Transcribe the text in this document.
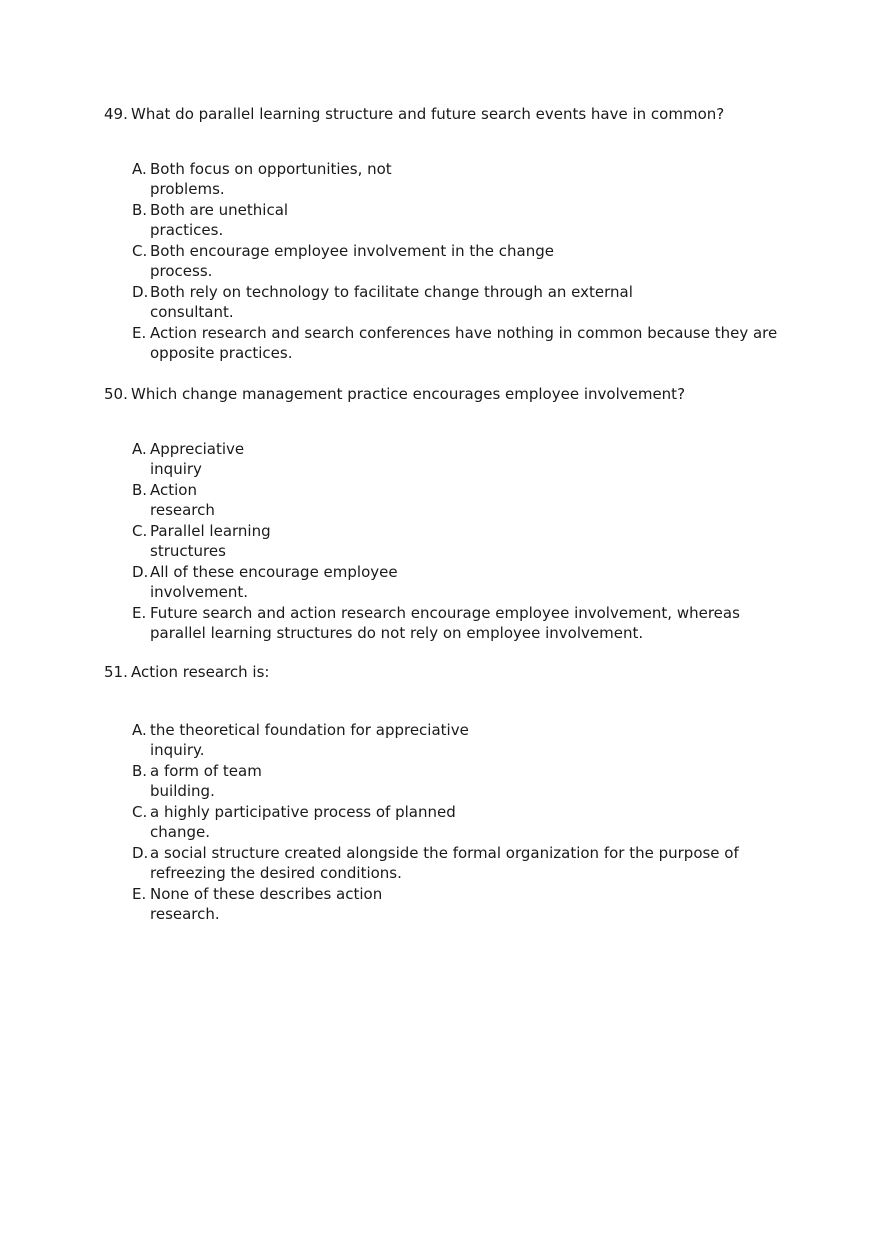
49. What do parallel learning structure and future search events have in common?
A. Both focus on opportunities, not
problems.
B. Both are unethical
practices.
C. Both encourage employee involvement in the change
process.
D. Both rely on technology to facilitate change through an external
consultant.
E. Action research and search conferences have nothing in common because they are
opposite practices.
50. Which change management practice encourages employee involvement?
A. Appreciative
inquiry
B. Action
research
C. Parallel learning
structures
D. All of these encourage employee
involvement.
E. Future search and action research encourage employee involvement, whereas
parallel learning structures do not rely on employee involvement.
51. Action research is:
A. the theoretical foundation for appreciative
inquiry.
B. a form of team
building.
C. a highly participative process of planned
change.
D. a social structure created alongside the formal organization for the purpose of
refreezing the desired conditions.
E. None of these describes action
research.
